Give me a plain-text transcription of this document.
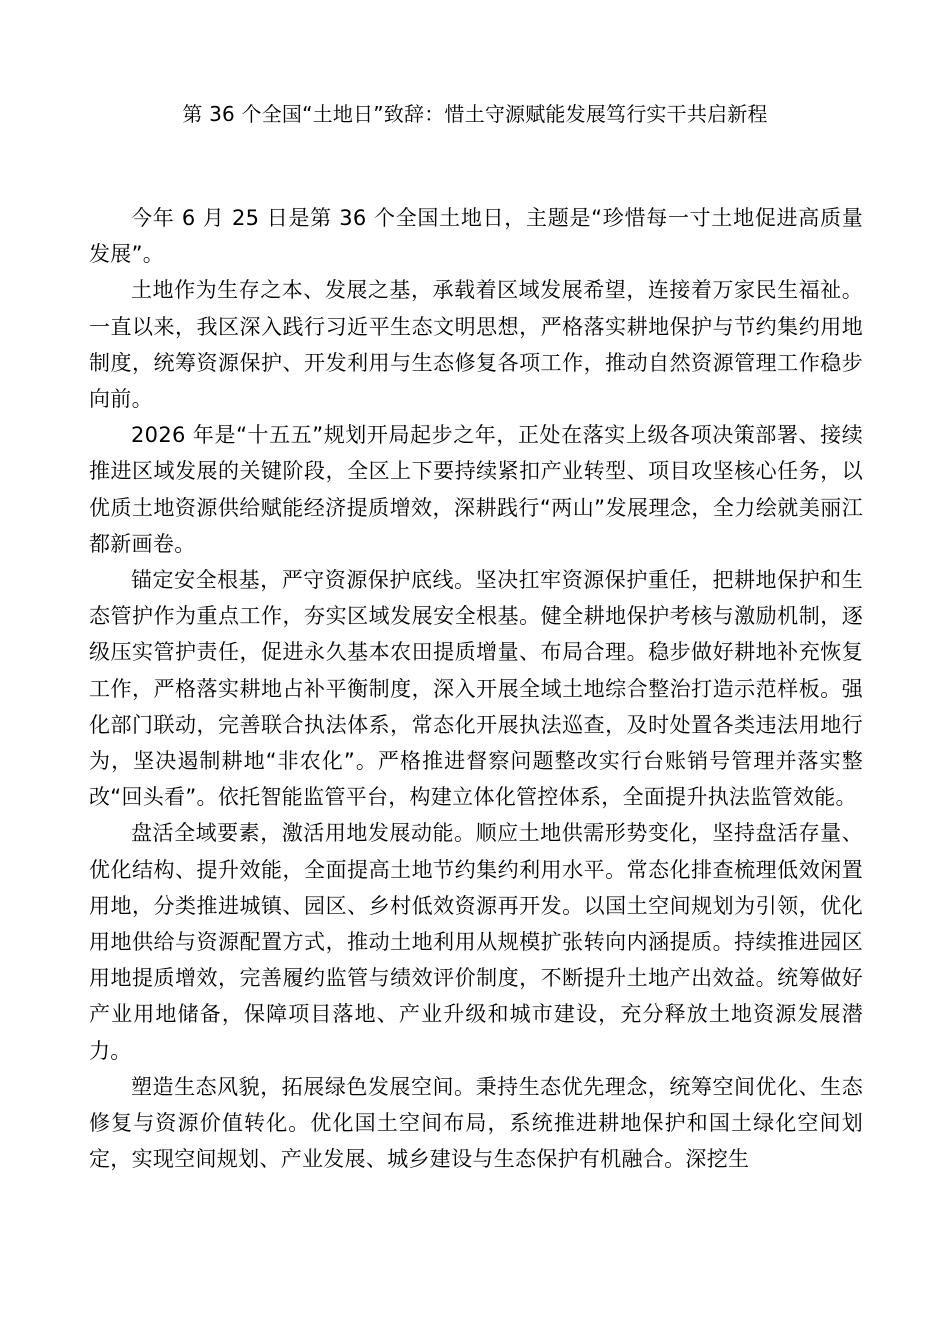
第 36 个全国“土地日”致辞：惜土守源赋能发展笃行实干共启新程

今年 6 月 25 日是第 36 个全国土地日，主题是“珍惜每一寸土地促进高质量发展”。

土地作为生存之本、发展之基，承载着区域发展希望，连接着万家民生福祉。一直以来，我区深入践行习近平生态文明思想，严格落实耕地保护与节约集约用地制度，统筹资源保护、开发利用与生态修复各项工作，推动自然资源管理工作稳步向前。

2026 年是“十五五”规划开局起步之年，正处在落实上级各项决策部署、接续推进区域发展的关键阶段，全区上下要持续紧扣产业转型、项目攻坚核心任务，以优质土地资源供给赋能经济提质增效，深耕践行“两山”发展理念，全力绘就美丽江都新画卷。

锚定安全根基，严守资源保护底线。坚决扛牢资源保护重任，把耕地保护和生态管护作为重点工作，夯实区域发展安全根基。健全耕地保护考核与激励机制，逐级压实管护责任，促进永久基本农田提质增量、布局合理。稳步做好耕地补充恢复工作，严格落实耕地占补平衡制度，深入开展全域土地综合整治打造示范样板。强化部门联动，完善联合执法体系，常态化开展执法巡查，及时处置各类违法用地行为，坚决遏制耕地“非农化”。严格推进督察问题整改实行台账销号管理并落实整改“回头看”。依托智能监管平台，构建立体化管控体系，全面提升执法监管效能。

盘活全域要素，激活用地发展动能。顺应土地供需形势变化，坚持盘活存量、优化结构、提升效能，全面提高土地节约集约利用水平。常态化排查梳理低效闲置用地，分类推进城镇、园区、乡村低效资源再开发。以国土空间规划为引领，优化用地供给与资源配置方式，推动土地利用从规模扩张转向内涵提质。持续推进园区用地提质增效，完善履约监管与绩效评价制度，不断提升土地产出效益。统筹做好产业用地储备，保障项目落地、产业升级和城市建设，充分释放土地资源发展潜力。

塑造生态风貌，拓展绿色发展空间。秉持生态优先理念，统筹空间优化、生态修复与资源价值转化。优化国土空间布局，系统推进耕地保护和国土绿化空间划定，实现空间规划、产业发展、城乡建设与生态保护有机融合。深挖生
